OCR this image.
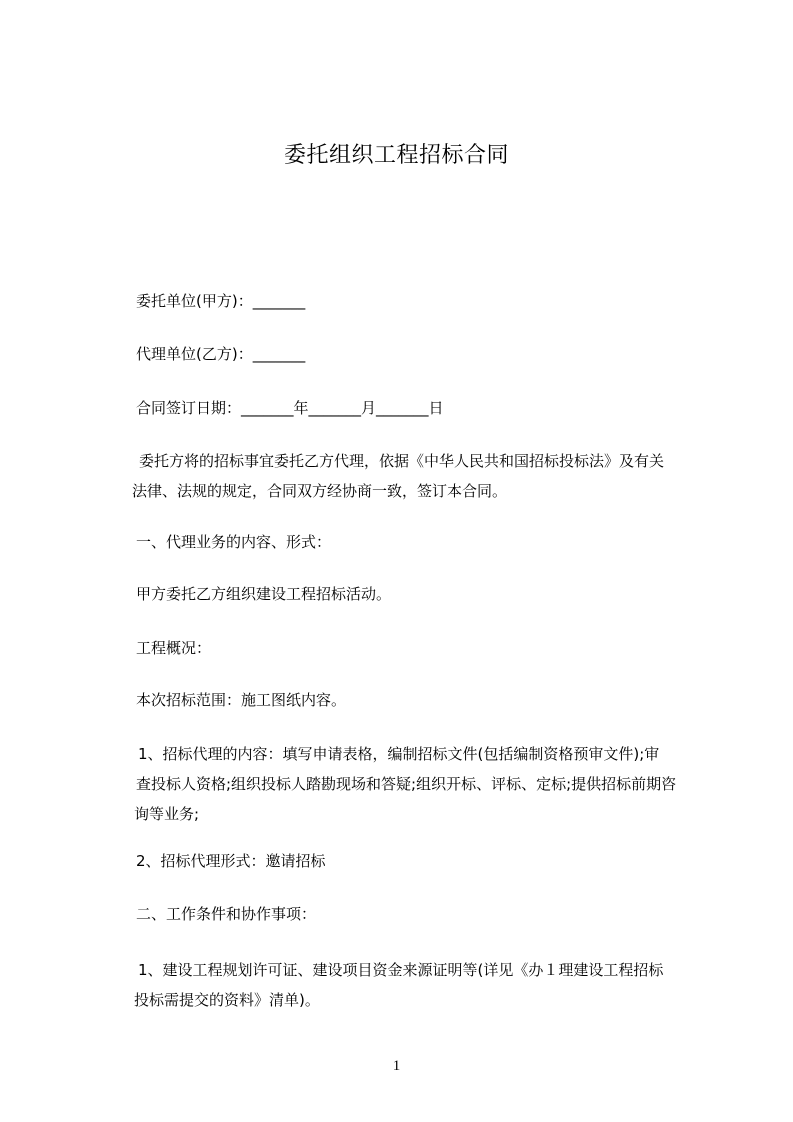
委托组织工程招标合同
委托单位(甲方)：_______
代理单位(乙方)：_______
合同签订日期：_______年_______月_______日
委托方将的招标事宜委托乙方代理，依据《中华人民共和国招标投标法》及有关
法律、法规的规定，合同双方经协商一致，签订本合同。
一、代理业务的内容、形式：
甲方委托乙方组织建设工程招标活动。
工程概况：
本次招标范围：施工图纸内容。
1、招标代理的内容：填写申请表格，编制招标文件(包括编制资格预审文件);审
查投标人资格;组织投标人踏勘现场和答疑;组织开标、评标、定标;提供招标前期咨
询等业务;
2、招标代理形式：邀请招标
二、工作条件和协作事项：
1、建设工程规划许可证、建设项目资金来源证明等(详见《办１理建设工程招标
投标需提交的资料》清单)。
1
